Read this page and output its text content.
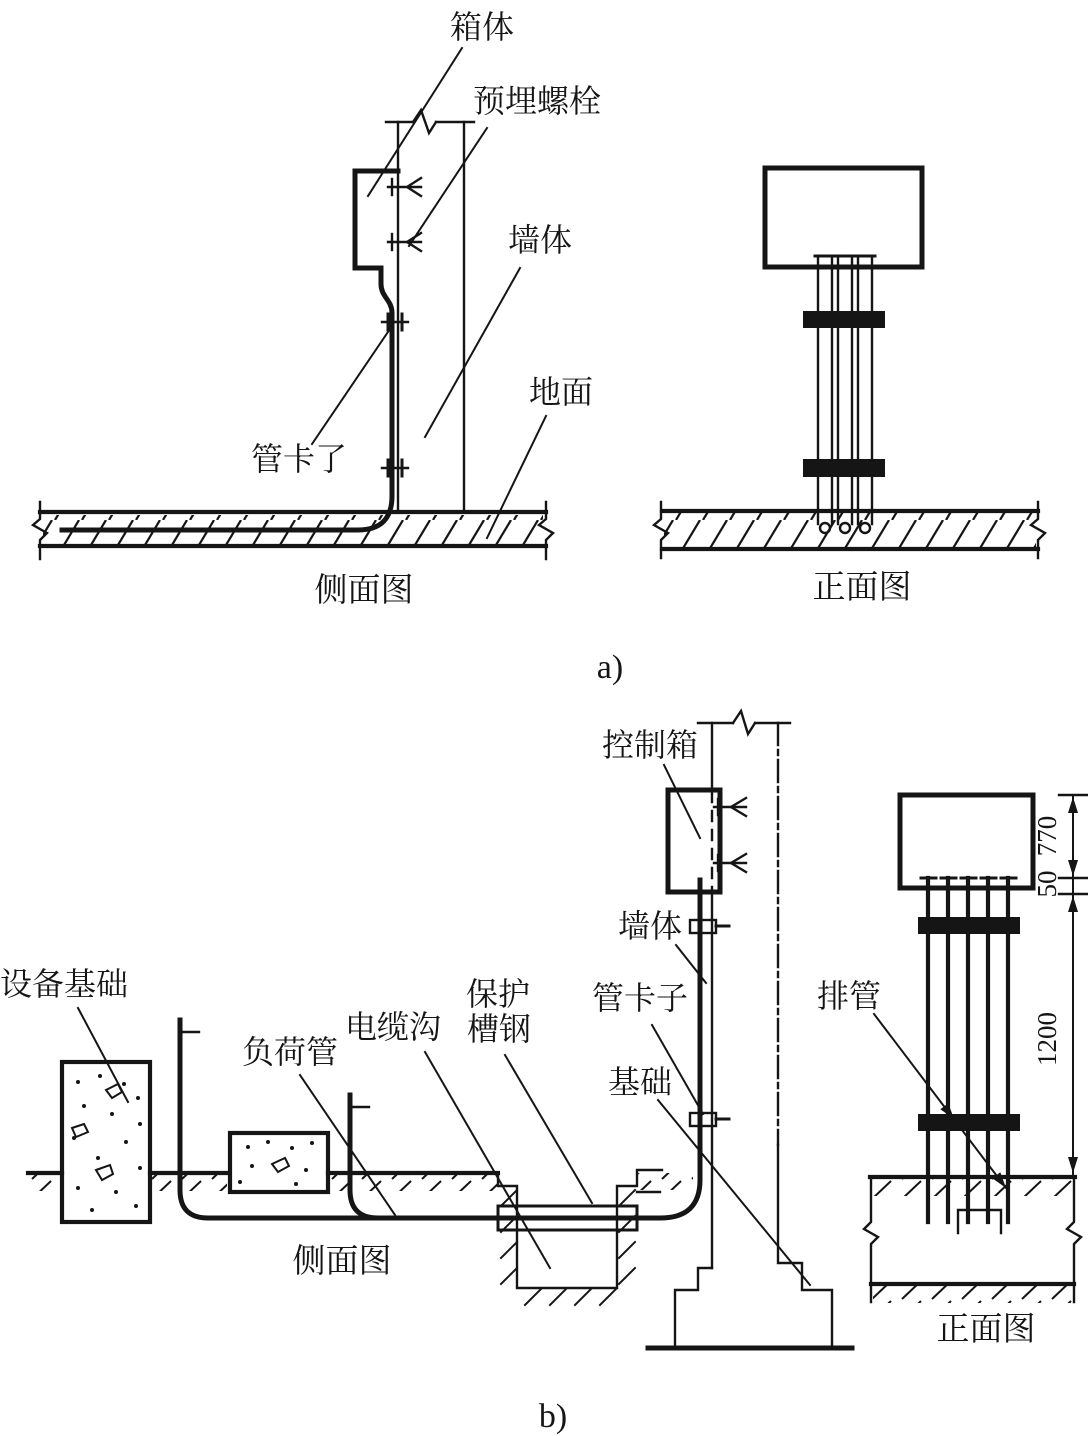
箱体
预埋螺栓
墙体
地面
管卡了
侧面图	正面图
a)
设备基础
负荷管
电缆沟
保护
槽钢
控制箱
墙体
管卡子
基础
侧面图
770
50
1200
排管
正面图
b)
